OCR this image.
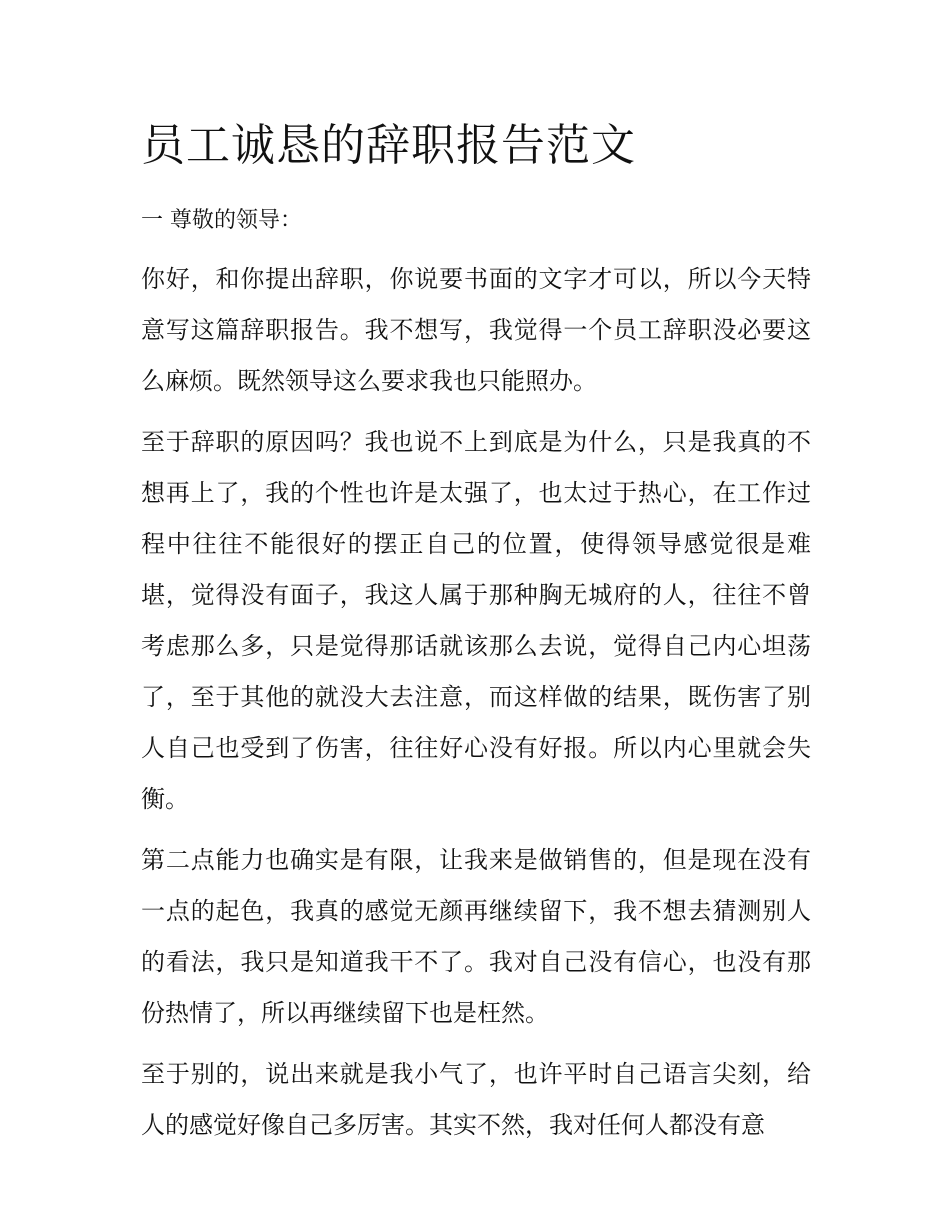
员工诚恳的辞职报告范文

一 尊敬的领导：

你好，和你提出辞职，你说要书面的文字才可以，所以今天特意写这篇辞职报告。我不想写，我觉得一个员工辞职没必要这么麻烦。既然领导这么要求我也只能照办。

至于辞职的原因吗？我也说不上到底是为什么，只是我真的不想再上了，我的个性也许是太强了，也太过于热心，在工作过程中往往不能很好的摆正自己的位置，使得领导感觉很是难堪，觉得没有面子，我这人属于那种胸无城府的人，往往不曾考虑那么多，只是觉得那话就该那么去说，觉得自己内心坦荡了，至于其他的就没大去注意，而这样做的结果，既伤害了别人自己也受到了伤害，往往好心没有好报。所以内心里就会失衡。

第二点能力也确实是有限，让我来是做销售的，但是现在没有一点的起色，我真的感觉无颜再继续留下，我不想去猜测别人的看法，我只是知道我干不了。我对自己没有信心，也没有那份热情了，所以再继续留下也是枉然。

至于别的，说出来就是我小气了，也许平时自己语言尖刻，给人的感觉好像自己多厉害。其实不然，我对任何人都没有意
